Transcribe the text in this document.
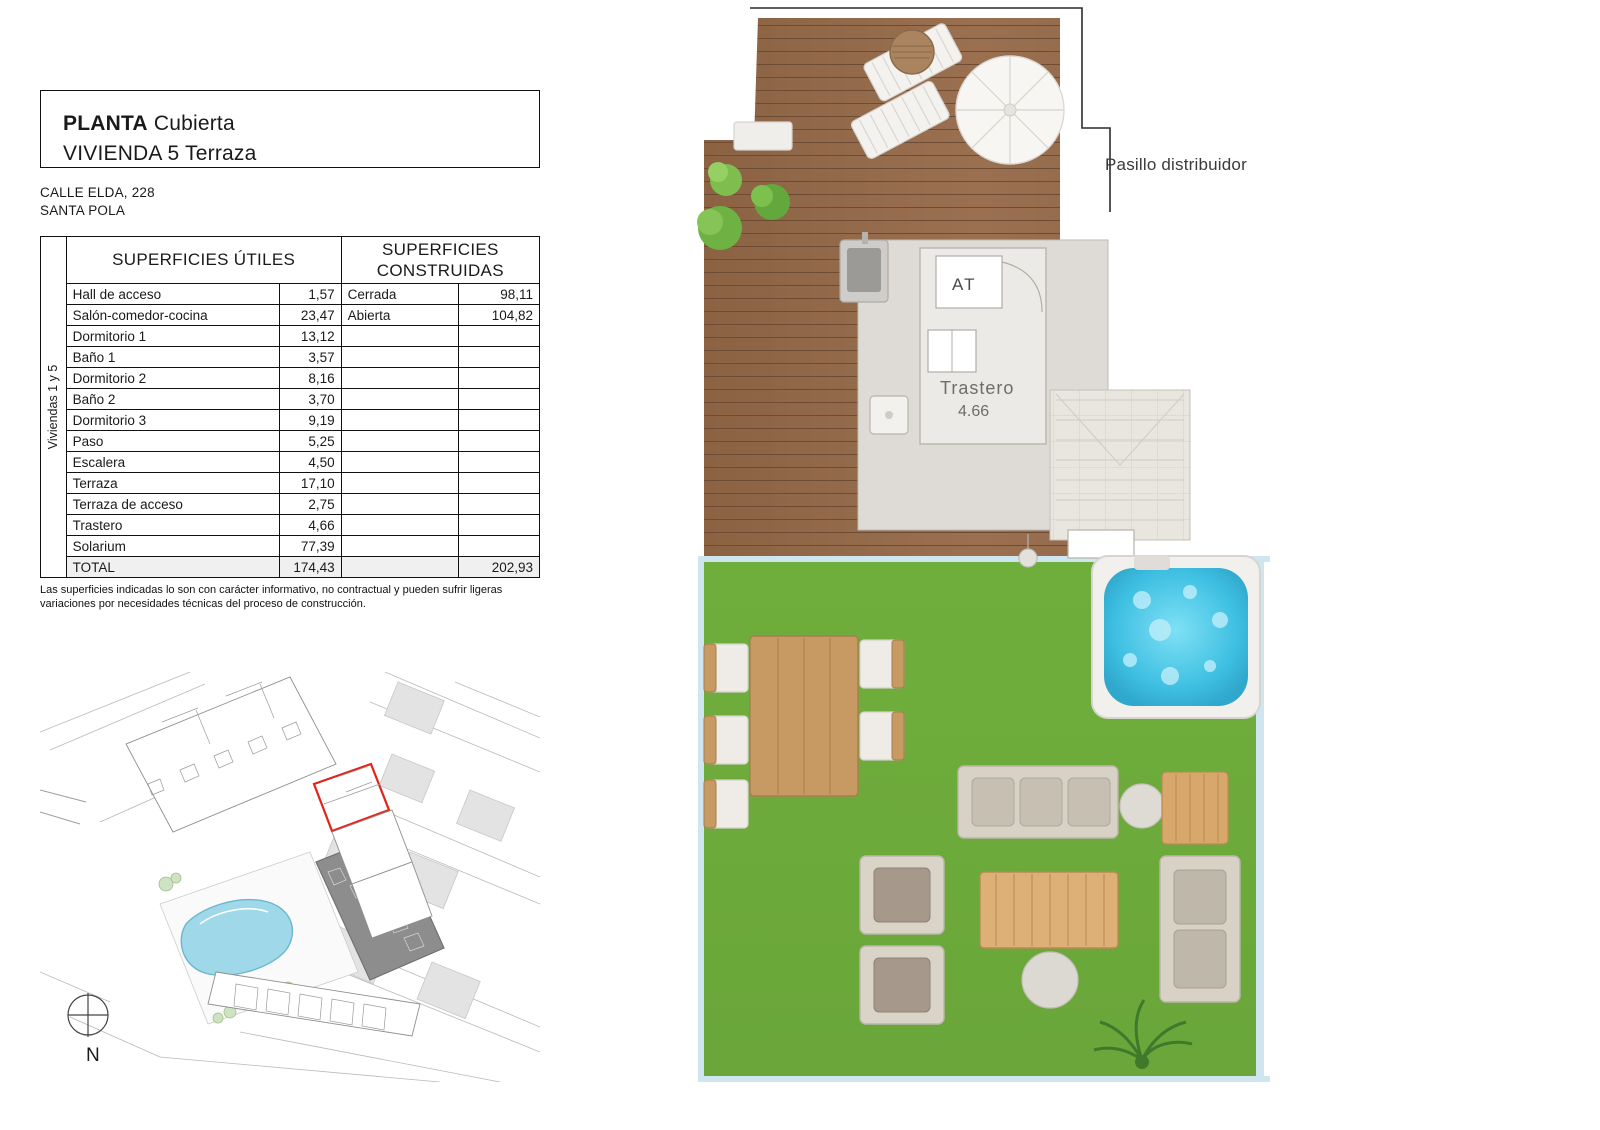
PLANTA Cubierta
VIVIENDA 5 Terraza
CALLE ELDA, 228
SANTA POLA
Viviendas 1 y 5	SUPERFICIES ÚTILES		SUPERFICIES
CONSTRUIDAS	
	Hall de acceso	1,57	Cerrada	98,11
	Salón-comedor-cocina	23,47	Abierta	104,82
	Dormitorio 1	13,12		
	Baño 1	3,57		
	Dormitorio 2	8,16		
	Baño 2	3,70		
	Dormitorio 3	9,19		
	Paso	5,25		
	Escalera	4,50		
	Terraza	17,10		
	Terraza de acceso	2,75		
	Trastero	4,66		
	Solarium	77,39		
	TOTAL	174,43		202,93
Las superficies indicadas lo son con carácter informativo, no contractual y pueden sufrir ligeras variaciones por necesidades técnicas del proceso de construcción.
N
AT
Trastero
4.66
Pasillo distribuidor
